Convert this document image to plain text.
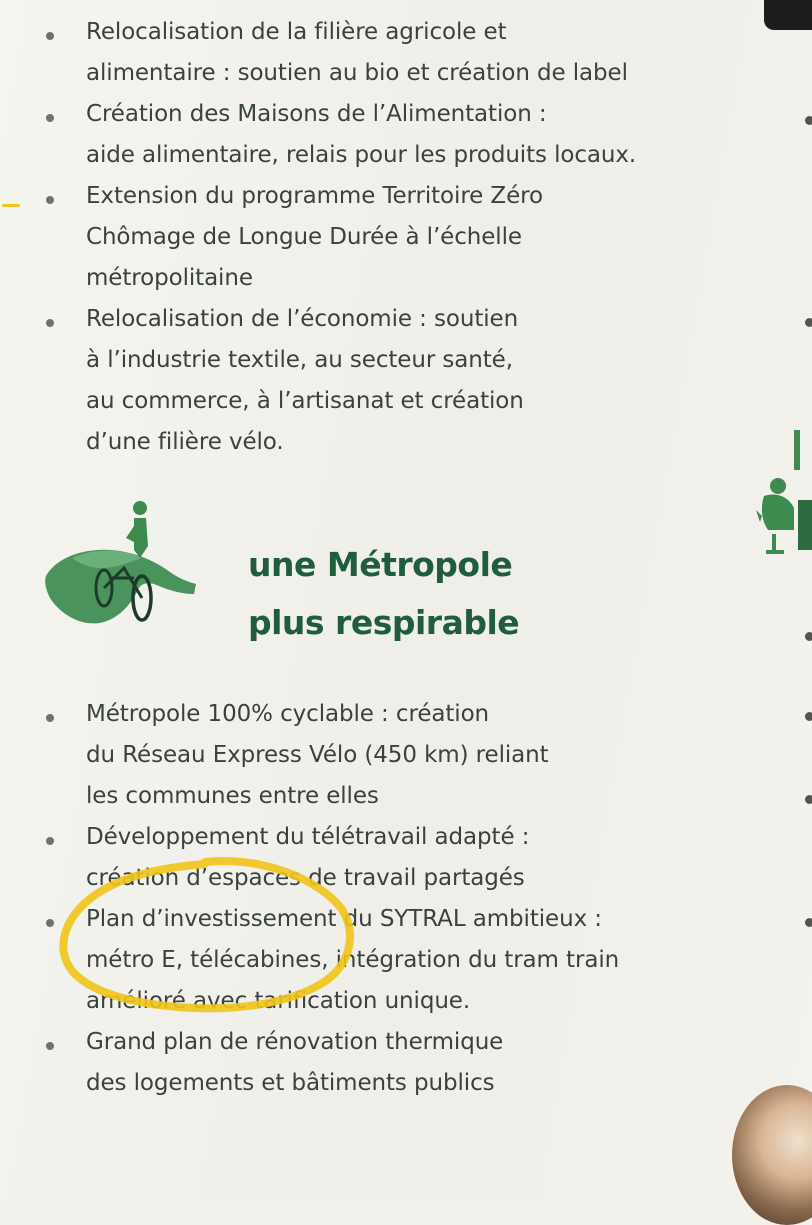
Relocalisation de la filière agricole et
alimentaire : soutien au bio et création de label
Création des Maisons de l’Alimentation :
aide alimentaire, relais pour les produits locaux.
Extension du programme Territoire Zéro
Chômage de Longue Durée à l’échelle
métropolitaine
Relocalisation de l’économie : soutien
à l’industrie textile, au secteur santé,
au commerce, à l’artisanat et création
d’une filière vélo.
une Métropole
plus respirable
Métropole 100% cyclable : création
du Réseau Express Vélo (450 km) reliant
les communes entre elles
Développement du télétravail adapté :
création d’espaces de travail partagés
Plan d’investissement du SYTRAL ambitieux :
métro E, télécabines, intégration du tram train
amélioré avec tarification unique.
Grand plan de rénovation thermique
des logements et bâtiments publics
